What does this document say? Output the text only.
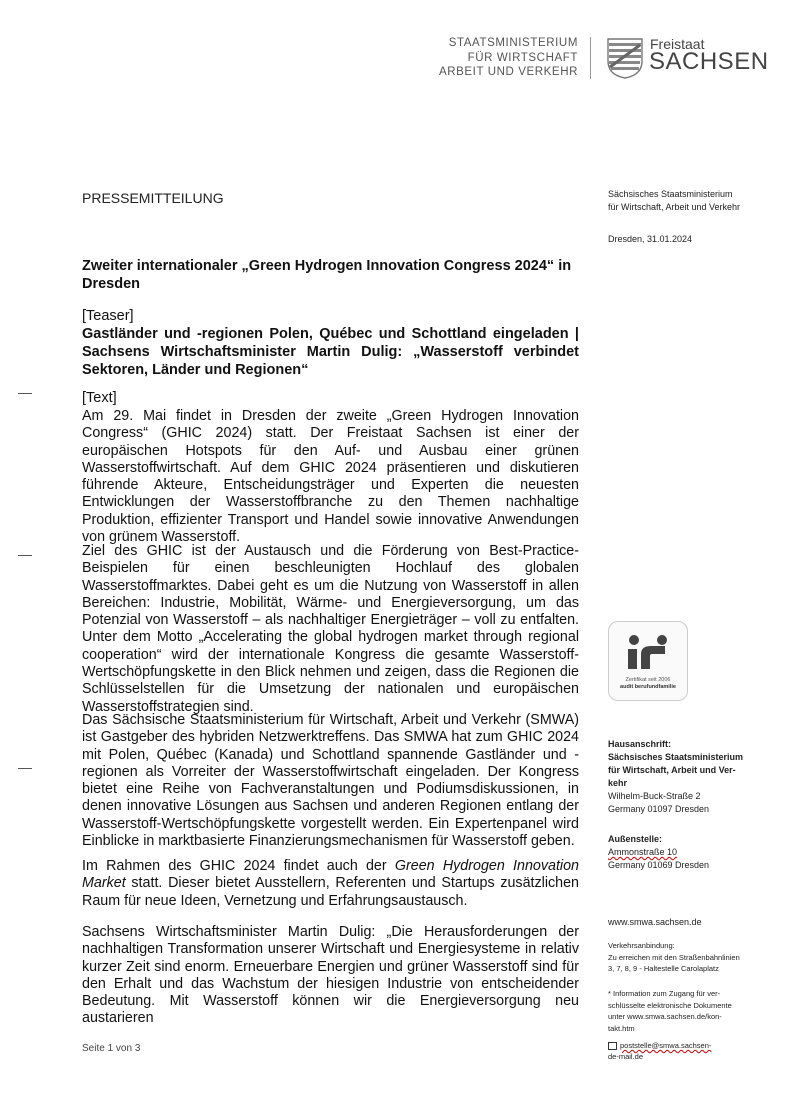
STAATSMINISTERIUM
FÜR WIRTSCHAFT
ARBEIT UND VERKEHR
Freistaat
SACHSEN
PRESSEMITTEILUNG	Sächsisches Staatsministerium
für Wirtschaft, Arbeit und Verkehr
Dresden, 31.01.2024
Zweiter internationaler „Green Hydrogen Innovation Congress 2024“ in Dresden
[Teaser]
Gastländer und -regionen Polen, Québec und Schottland eingeladen | Sachsens Wirtschaftsminister Martin Dulig: „Wasserstoff verbindet Sektoren, Länder und Regionen“
[Text]
Am 29. Mai findet in Dresden der zweite „Green Hydrogen Innovation Congress“ (GHIC 2024) statt. Der Freistaat Sachsen ist einer der europäischen Hotspots für den Auf- und Ausbau einer grünen Wasserstoffwirtschaft. Auf dem GHIC 2024 präsentieren und diskutieren führende Akteure, Entscheidungsträger und Experten die neuesten Entwicklungen der Wasserstoffbranche zu den Themen nachhaltige Produktion, effizienter Transport und Handel sowie innovative Anwendungen von grünem Wasserstoff.
Ziel des GHIC ist der Austausch und die Förderung von Best-Practice-Beispielen für einen beschleunigten Hochlauf des globalen Wasserstoffmarktes. Dabei geht es um die Nutzung von Wasserstoff in allen Bereichen: Industrie, Mobilität, Wärme- und Energieversorgung, um das Potenzial von Wasserstoff – als nachhaltiger Energieträger – voll zu entfalten. Unter dem Motto „Accelerating the global hydrogen market through regional cooperation“ wird der internationale Kongress die gesamte Wasserstoff-Wertschöpfungskette in den Blick nehmen und zeigen, dass die Regionen die Schlüsselstellen für die Umsetzung der nationalen und europäischen Wasserstoffstrategien sind.
Das Sächsische Staatsministerium für Wirtschaft, Arbeit und Verkehr (SMWA) ist Gastgeber des hybriden Netzwerktreffens. Das SMWA hat zum GHIC 2024 mit Polen, Québec (Kanada) und Schottland spannende Gastländer und -regionen als Vorreiter der Wasserstoffwirtschaft eingeladen. Der Kongress bietet eine Reihe von Fachveranstaltungen und Podiumsdiskussionen, in denen innovative Lösungen aus Sachsen und anderen Regionen entlang der Wasserstoff-Wertschöpfungskette vorgestellt werden. Ein Expertenpanel wird Einblicke in marktbasierte Finanzierungsmechanismen für Wasserstoff geben.
Im Rahmen des GHIC 2024 findet auch der Green Hydrogen Innovation Market statt. Dieser bietet Ausstellern, Referenten und Startups zusätzlichen Raum für neue Ideen, Vernetzung und Erfahrungsaustausch.
Sachsens Wirtschaftsminister Martin Dulig: „Die Herausforderungen der nachhaltigen Transformation unserer Wirtschaft und Energiesysteme in relativ kurzer Zeit sind enorm. Erneuerbare Energien und grüner Wasserstoff sind für den Erhalt und das Wachstum der hiesigen Industrie von entscheidender Bedeutung. Mit Wasserstoff können wir die Energieversorgung neu austarieren
Zertifikat seit 2006
audit berufundfamilie
Hausanschrift:
Sächsisches Staatsministerium
für Wirtschaft, Arbeit und Ver-
kehr
Wilhelm-Buck-Straße 2
Germany 01097 Dresden
Außenstelle:
Ammonstraße 10
Germany 01069 Dresden
www.smwa.sachsen.de
Verkehrsanbindung:
Zu erreichen mit den Straßenbahnlinien
3, 7, 8, 9 - Haltestelle Carolaplatz
* Information zum Zugang für ver-
schlüsselte elektronische Dokumente
unter www.smwa.sachsen.de/kon-
takt.htm
poststelle@smwa.sachsen-
de-mail.de
Seite 1 von 3
